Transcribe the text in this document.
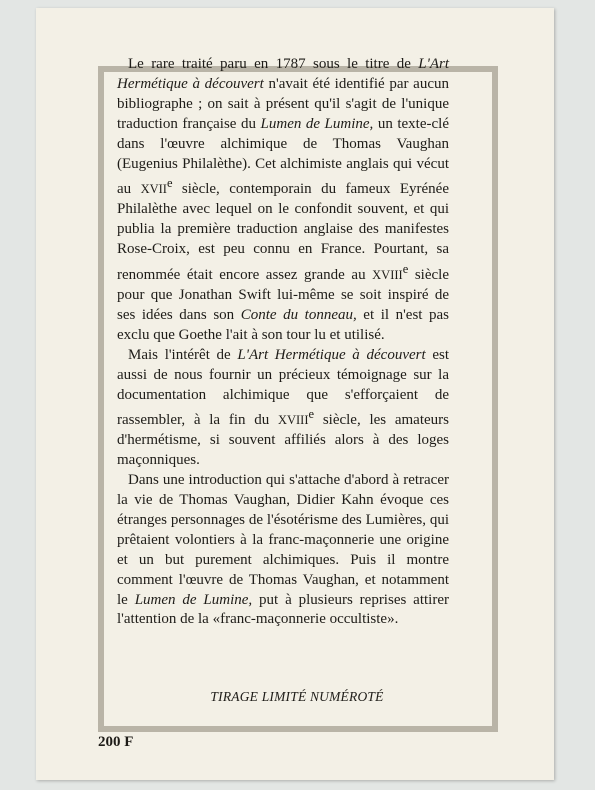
Le rare traité paru en 1787 sous le titre de L'Art Hermétique à découvert n'avait été identifié par aucun bibliographe ; on sait à présent qu'il s'agit de l'unique traduction française du Lumen de Lumine, un texte-clé dans l'œuvre alchimique de Thomas Vaughan (Eugenius Philalèthe). Cet alchimiste anglais qui vécut au XVIIe siècle, contemporain du fameux Eyrénée Philalèthe avec lequel on le confondit souvent, et qui publia la première traduction anglaise des manifestes Rose-Croix, est peu connu en France. Pourtant, sa renommée était encore assez grande au XVIIIe siècle pour que Jonathan Swift lui-même se soit inspiré de ses idées dans son Conte du tonneau, et il n'est pas exclu que Goethe l'ait à son tour lu et utilisé.

Mais l'intérêt de L'Art Hermétique à découvert est aussi de nous fournir un précieux témoignage sur la documentation alchimique que s'efforçaient de rassembler, à la fin du XVIIIe siècle, les amateurs d'hermétisme, si souvent affiliés alors à des loges maçonniques.

Dans une introduction qui s'attache d'abord à retracer la vie de Thomas Vaughan, Didier Kahn évoque ces étranges personnages de l'ésotérisme des Lumières, qui prêtaient volontiers à la franc-maçonnerie une origine et un but purement alchimiques. Puis il montre comment l'œuvre de Thomas Vaughan, et notamment le Lumen de Lumine, put à plusieurs reprises attirer l'attention de la «franc-maçonnerie occultiste».

TIRAGE LIMITÉ NUMÉROTÉ
200 F
